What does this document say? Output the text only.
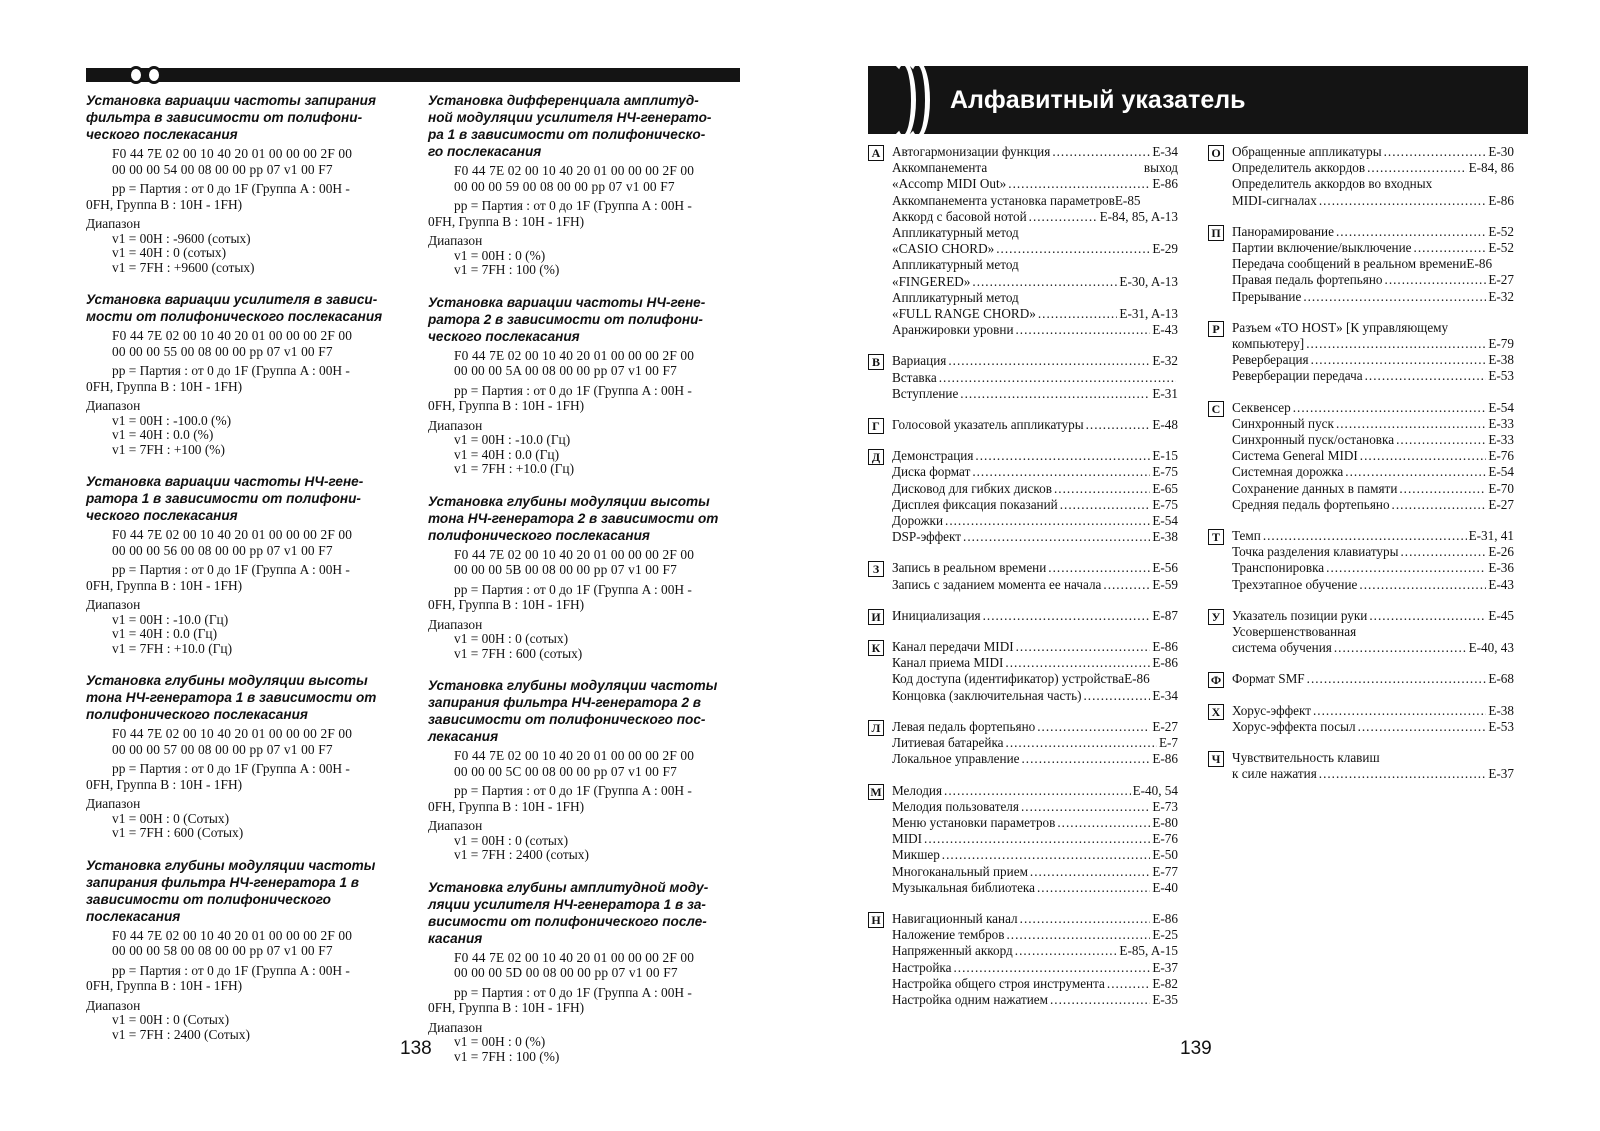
Установка вариации частоты запирания
фильтра в зависимости от полифони-
ческого послекасания
F0 44 7E 02 00 10 40 20 01 00 00 00 2F 00
00 00 00 54 00 08 00 00 pp 07 v1 00 F7
pp = Партия : от 0 до 1F (Группа A : 00H -
0FH, Группа B : 10H - 1FH)
Диапазон
v1 = 00H : -9600 (сотых)
v1 = 40H : 0 (сотых)
v1 = 7FH : +9600 (сотых)
Установка вариации усилителя в зависи-
мости от полифонического послекасания
F0 44 7E 02 00 10 40 20 01 00 00 00 2F 00
00 00 00 55 00 08 00 00 pp 07 v1 00 F7
pp = Партия : от 0 до 1F (Группа A : 00H -
0FH, Группа B : 10H - 1FH)
Диапазон
v1 = 00H : -100.0 (%)
v1 = 40H : 0.0 (%)
v1 = 7FH : +100 (%)
Установка вариации частоты НЧ-гене-
ратора 1 в зависимости от полифони-
ческого послекасания
F0 44 7E 02 00 10 40 20 01 00 00 00 2F 00
00 00 00 56 00 08 00 00 pp 07 v1 00 F7
pp = Партия : от 0 до 1F (Группа A : 00H -
0FH, Группа B : 10H - 1FH)
Диапазон
v1 = 00H : -10.0 (Гц)
v1 = 40H : 0.0 (Гц)
v1 = 7FH : +10.0 (Гц)
Установка глубины модуляции высоты
тона НЧ-генератора 1 в зависимости от
полифонического послекасания
F0 44 7E 02 00 10 40 20 01 00 00 00 2F 00
00 00 00 57 00 08 00 00 pp 07 v1 00 F7
pp = Партия : от 0 до 1F (Группа A : 00H -
0FH, Группа B : 10H - 1FH)
Диапазон
v1 = 00H : 0 (Сотых)
v1 = 7FH : 600 (Сотых)
Установка глубины модуляции частоты
запирания фильтра НЧ-генератора 1 в
зависимости от полифонического
послекасания
F0 44 7E 02 00 10 40 20 01 00 00 00 2F 00
00 00 00 58 00 08 00 00 pp 07 v1 00 F7
pp = Партия : от 0 до 1F (Группа A : 00H -
0FH, Группа B : 10H - 1FH)
Диапазон
v1 = 00H : 0 (Сотых)
v1 = 7FH : 2400 (Сотых)
Установка дифференциала амплитуд-
ной модуляции усилителя НЧ-генерато-
ра 1 в зависимости от полифоническо-
го послекасания
F0 44 7E 02 00 10 40 20 01 00 00 00 2F 00
00 00 00 59 00 08 00 00 pp 07 v1 00 F7
pp = Партия : от 0 до 1F (Группа A : 00H -
0FH, Группа B : 10H - 1FH)
Диапазон
v1 = 00H : 0 (%)
v1 = 7FH : 100 (%)
Установка вариации частоты НЧ-гене-
ратора 2 в зависимости от полифони-
ческого послекасания
F0 44 7E 02 00 10 40 20 01 00 00 00 2F 00
00 00 00 5A 00 08 00 00 pp 07 v1 00 F7
pp = Партия : от 0 до 1F (Группа A : 00H -
0FH, Группа B : 10H - 1FH)
Диапазон
v1 = 00H : -10.0 (Гц)
v1 = 40H : 0.0 (Гц)
v1 = 7FH : +10.0 (Гц)
Установка глубины модуляции высоты
тона НЧ-генератора 2 в зависимости от
полифонического послекасания
F0 44 7E 02 00 10 40 20 01 00 00 00 2F 00
00 00 00 5B 00 08 00 00 pp 07 v1 00 F7
pp = Партия : от 0 до 1F (Группа A : 00H -
0FH, Группа B : 10H - 1FH)
Диапазон
v1 = 00H : 0 (сотых)
v1 = 7FH : 600 (сотых)
Установка глубины модуляции частоты
запирания фильтра НЧ-генератора 2 в
зависимости от полифонического пос-
лекасания
F0 44 7E 02 00 10 40 20 01 00 00 00 2F 00
00 00 00 5C 00 08 00 00 pp 07 v1 00 F7
pp = Партия : от 0 до 1F (Группа A : 00H -
0FH, Группа B : 10H - 1FH)
Диапазон
v1 = 00H : 0 (сотых)
v1 = 7FH : 2400 (сотых)
Установка глубины амплитудной моду-
ляции усилителя НЧ-генератора 1 в за-
висимости от полифонического после-
касания
F0 44 7E 02 00 10 40 20 01 00 00 00 2F 00
00 00 00 5D 00 08 00 00 pp 07 v1 00 F7
pp = Партия : от 0 до 1F (Группа A : 00H -
0FH, Группа B : 10H - 1FH)
Диапазон
v1 = 00H : 0 (%)
v1 = 7FH : 100 (%)
138
Алфавитный указатель
А Автогармонизации функция .....	E-34
Аккомпанемента	выход
«Accomp MIDI Out» .....	E-86
Аккомпанемента установка параметров E-85
Аккорд с басовой нотой .....	E-84, 85, A-13
Аппликатурный метод
«CASIO CHORD» .....	E-29
Аппликатурный метод
«FINGERED» .....	E-30, A-13
Аппликатурный метод
«FULL RANGE CHORD» .....	E-31, A-13
Аранжировки уровни .....	E-43
В Вариация .....	E-32
Вставка
.....
Вступление .....	E-31
Г Голосовой указатель аппликатуры .....	E-48
Д Демонстрация .....	E-15
Диска формат .....	E-75
Дисковод для гибких дисков .....	E-65
Дисплея фиксация показаний .....	E-75
Дорожки .....	E-54
DSP-эффект .....	E-38
З Запись в реальном времени .....	E-56
Запись с заданием момента ее начала .....	E-59
И Инициализация .....	E-87
К Канал передачи MIDI .....	E-86
Канал приема MIDI .....	E-86
Код доступа (идентификатор) устройства E-86
Концовка (заключительная часть) .....	E-34
Л Левая педаль фортепьяно .....	E-27
Литиевая батарейка .....	E-7
Локальное управление .....	E-86
М Мелодия .....	E-40, 54
Мелодия пользователя .....	E-73
Меню установки параметров .....	E-80
MIDI .....	E-76
Микшер .....	E-50
Многоканальный прием .....	E-77
Музыкальная библиотека .....	E-40
Н Навигационный канал .....	E-86
Наложение тембров .....	E-25
Напряженный аккорд .....	E-85, A-15
Настройка .....	E-37
Настройка общего строя инструмента .....	E-82
Настройка одним нажатием .....	E-35
О Обращенные аппликатуры .....	E-30
Определитель аккордов .....	E-84, 86
Определитель аккордов во входных
MIDI-сигналах .....	E-86
П Панорамирование .....	E-52
Партии включение/выключение .....	E-52
Передача сообщений в реальном времени E-86
Правая педаль фортепьяно .....	E-27
Прерывание .....	E-32
Р Разъем «TO HOST» [К управляющему
компьютеру] .....	E-79
Реверберация .....	E-38
Реверберации передача .....	E-53
С Секвенсер .....	E-54
Синхронный пуск .....	E-33
Синхронный пуск/остановка .....	E-33
Система General MIDI .....	E-76
Системная дорожка .....	E-54
Сохранение данных в памяти .....	E-70
Средняя педаль фортепьяно .....	E-27
Т Темп .....	E-31, 41
Точка разделения клавиатуры .....	E-26
Транспонировка .....	E-36
Трехэтапное обучение .....	E-43
У Указатель позиции руки .....	E-45
Усовершенствованная
система обучения .....	E-40, 43
Ф Формат SMF .....	E-68
Х Хорус-эффект .....	E-38
Хорус-эффекта посыл .....	E-53
Ч Чувствительность клавиш
к силе нажатия .....	E-37
139
